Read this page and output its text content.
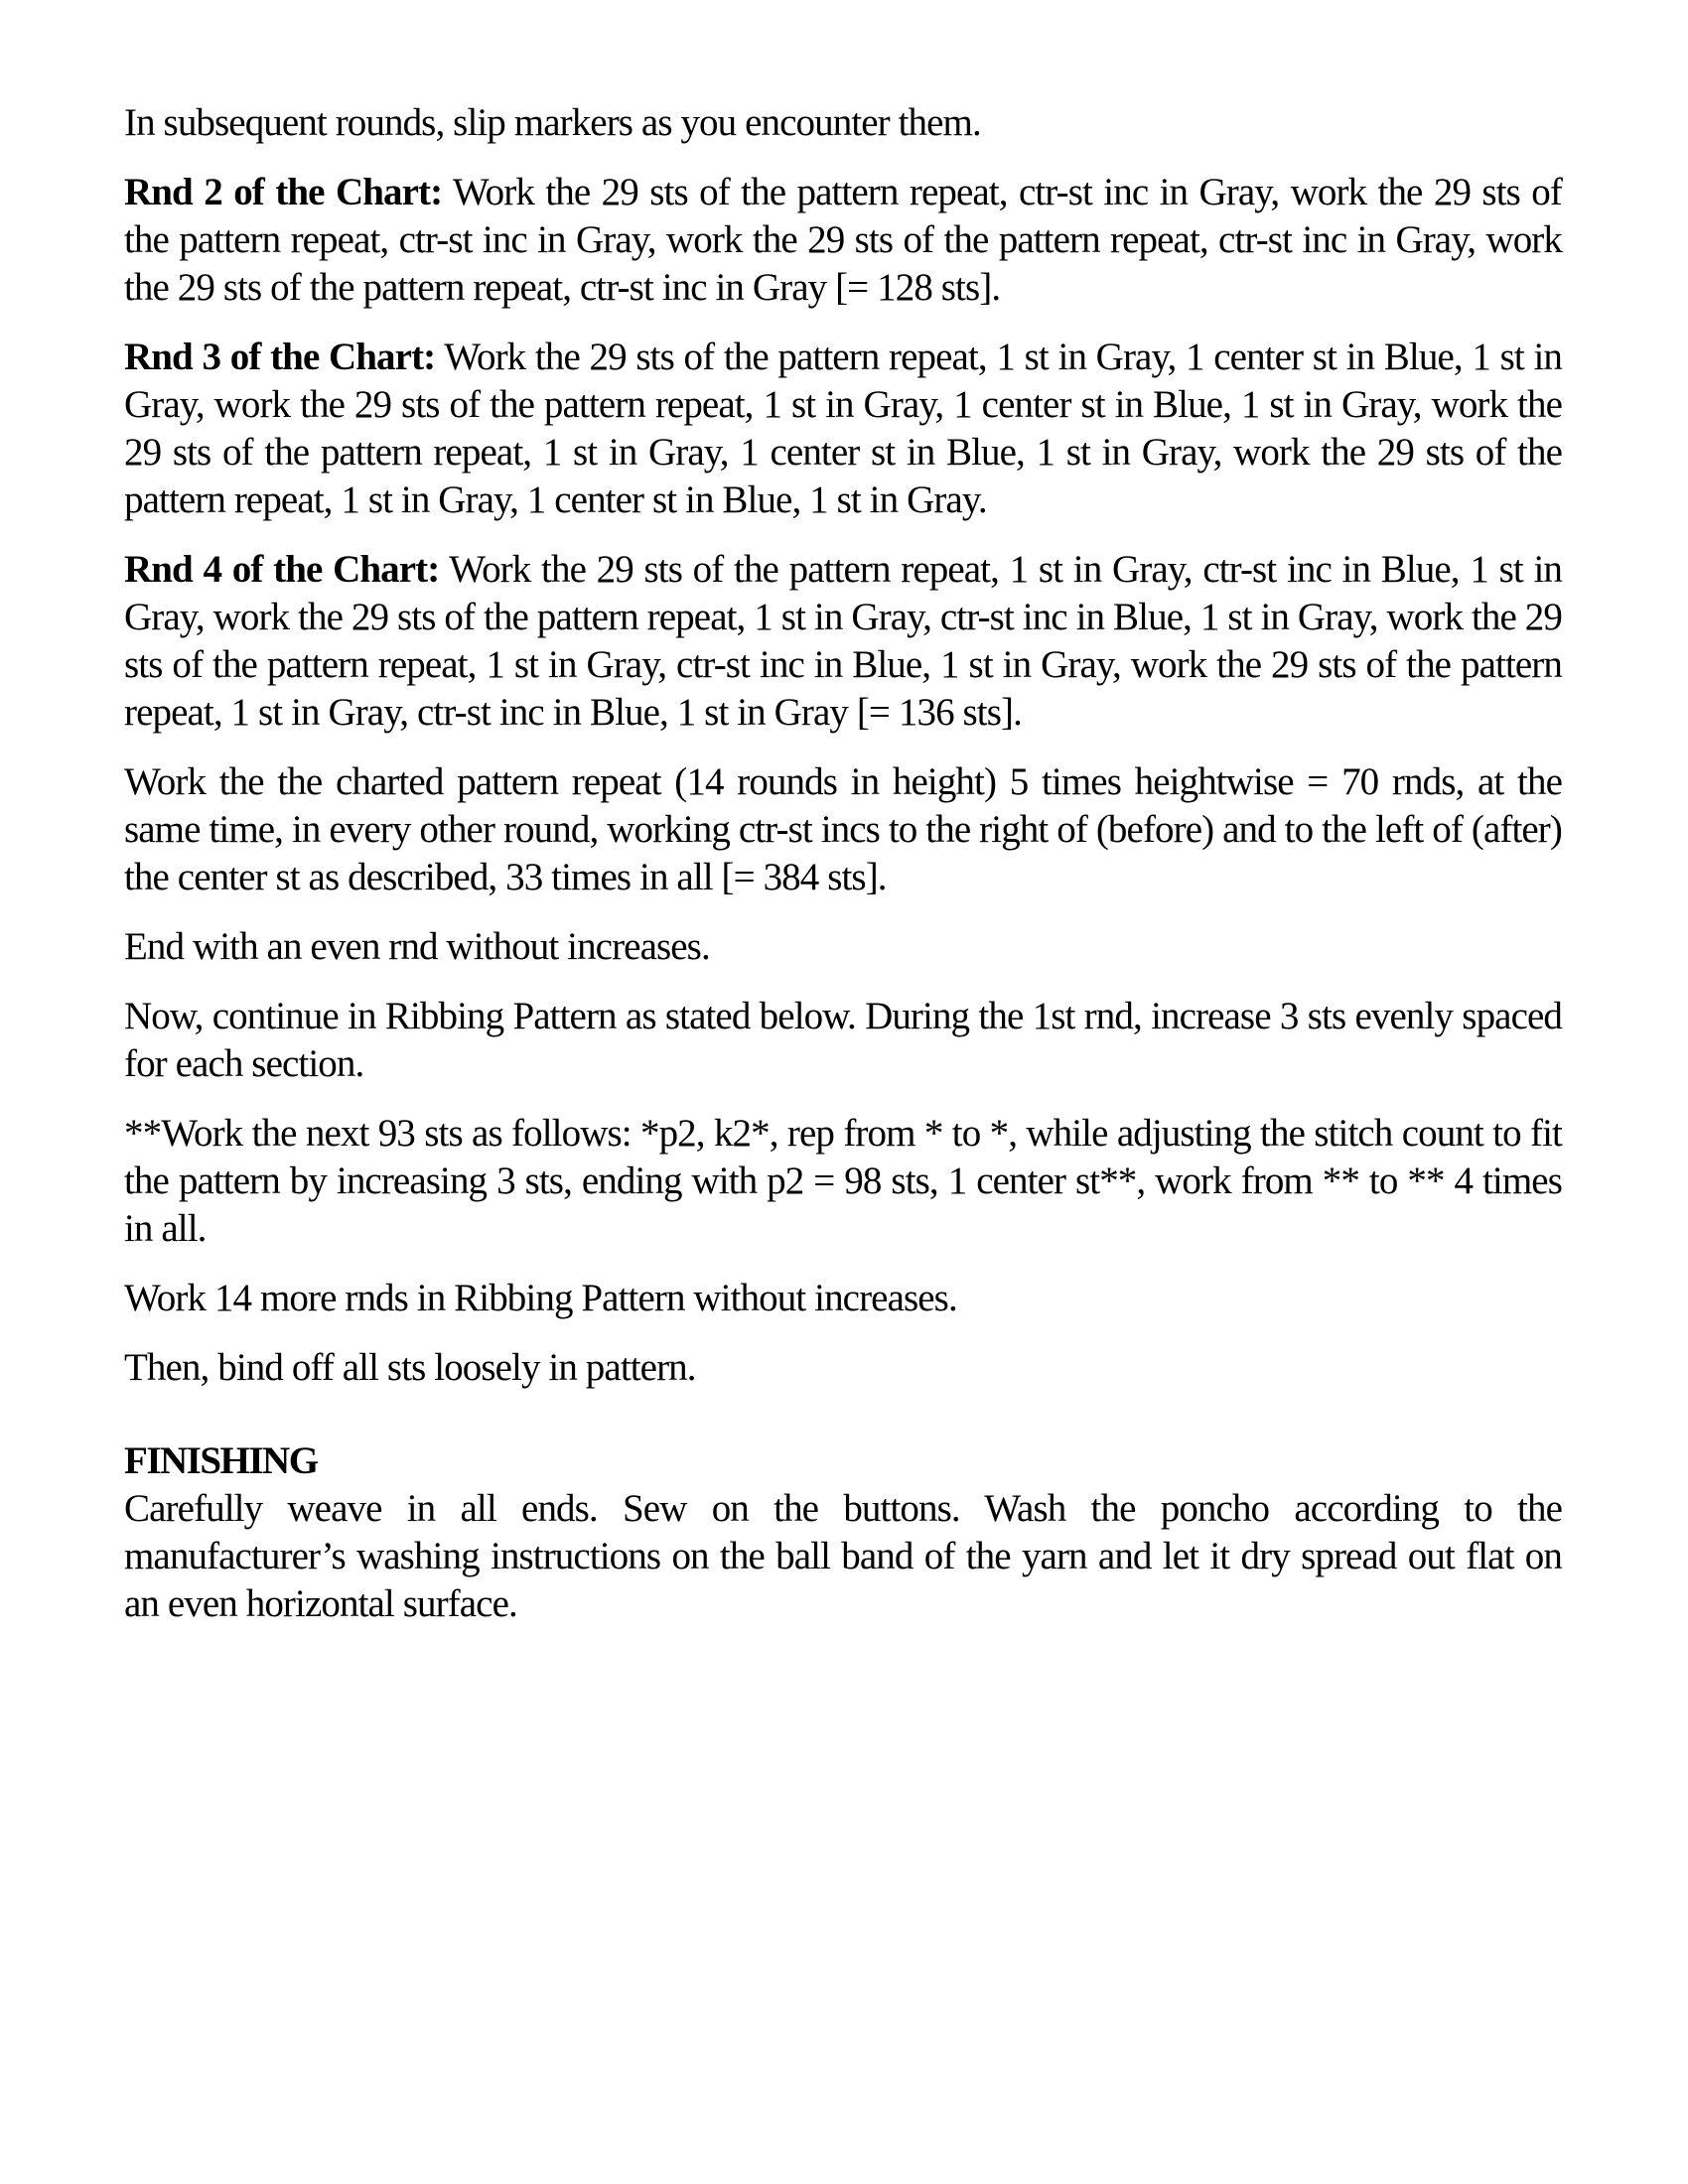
In subsequent rounds, slip markers as you encounter them.

Rnd 2 of the Chart: Work the 29 sts of the pattern repeat, ctr-st inc in Gray, work the 29 sts of the pattern repeat, ctr-st inc in Gray, work the 29 sts of the pattern repeat, ctr-st inc in Gray, work the 29 sts of the pattern repeat, ctr-st inc in Gray [= 128 sts].

Rnd 3 of the Chart: Work the 29 sts of the pattern repeat, 1 st in Gray, 1 center st in Blue, 1 st in Gray, work the 29 sts of the pattern repeat, 1 st in Gray, 1 center st in Blue, 1 st in Gray, work the 29 sts of the pattern repeat, 1 st in Gray, 1 center st in Blue, 1 st in Gray, work the 29 sts of the pattern repeat, 1 st in Gray, 1 center st in Blue, 1 st in Gray.

Rnd 4 of the Chart: Work the 29 sts of the pattern repeat, 1 st in Gray, ctr-st inc in Blue, 1 st in Gray, work the 29 sts of the pattern repeat, 1 st in Gray, ctr-st inc in Blue, 1 st in Gray, work the 29 sts of the pattern repeat, 1 st in Gray, ctr-st inc in Blue, 1 st in Gray, work the 29 sts of the pattern repeat, 1 st in Gray, ctr-st inc in Blue, 1 st in Gray [= 136 sts].

Work the the charted pattern repeat (14 rounds in height) 5 times heightwise = 70 rnds, at the same time, in every other round, working ctr-st incs to the right of (before) and to the left of (after) the center st as described, 33 times in all [= 384 sts].

End with an even rnd without increases.

Now, continue in Ribbing Pattern as stated below. During the 1st rnd, increase 3 sts evenly spaced for each section.

**Work the next 93 sts as follows: *p2, k2*, rep from * to *, while adjusting the stitch count to fit the pattern by increasing 3 sts, ending with p2 = 98 sts, 1 center st**, work from ** to ** 4 times in all.

Work 14 more rnds in Ribbing Pattern without increases.

Then, bind off all sts loosely in pattern.

FINISHING

Carefully weave in all ends. Sew on the buttons. Wash the poncho according to the manufacturer’s washing instructions on the ball band of the yarn and let it dry spread out flat on an even horizontal surface.
